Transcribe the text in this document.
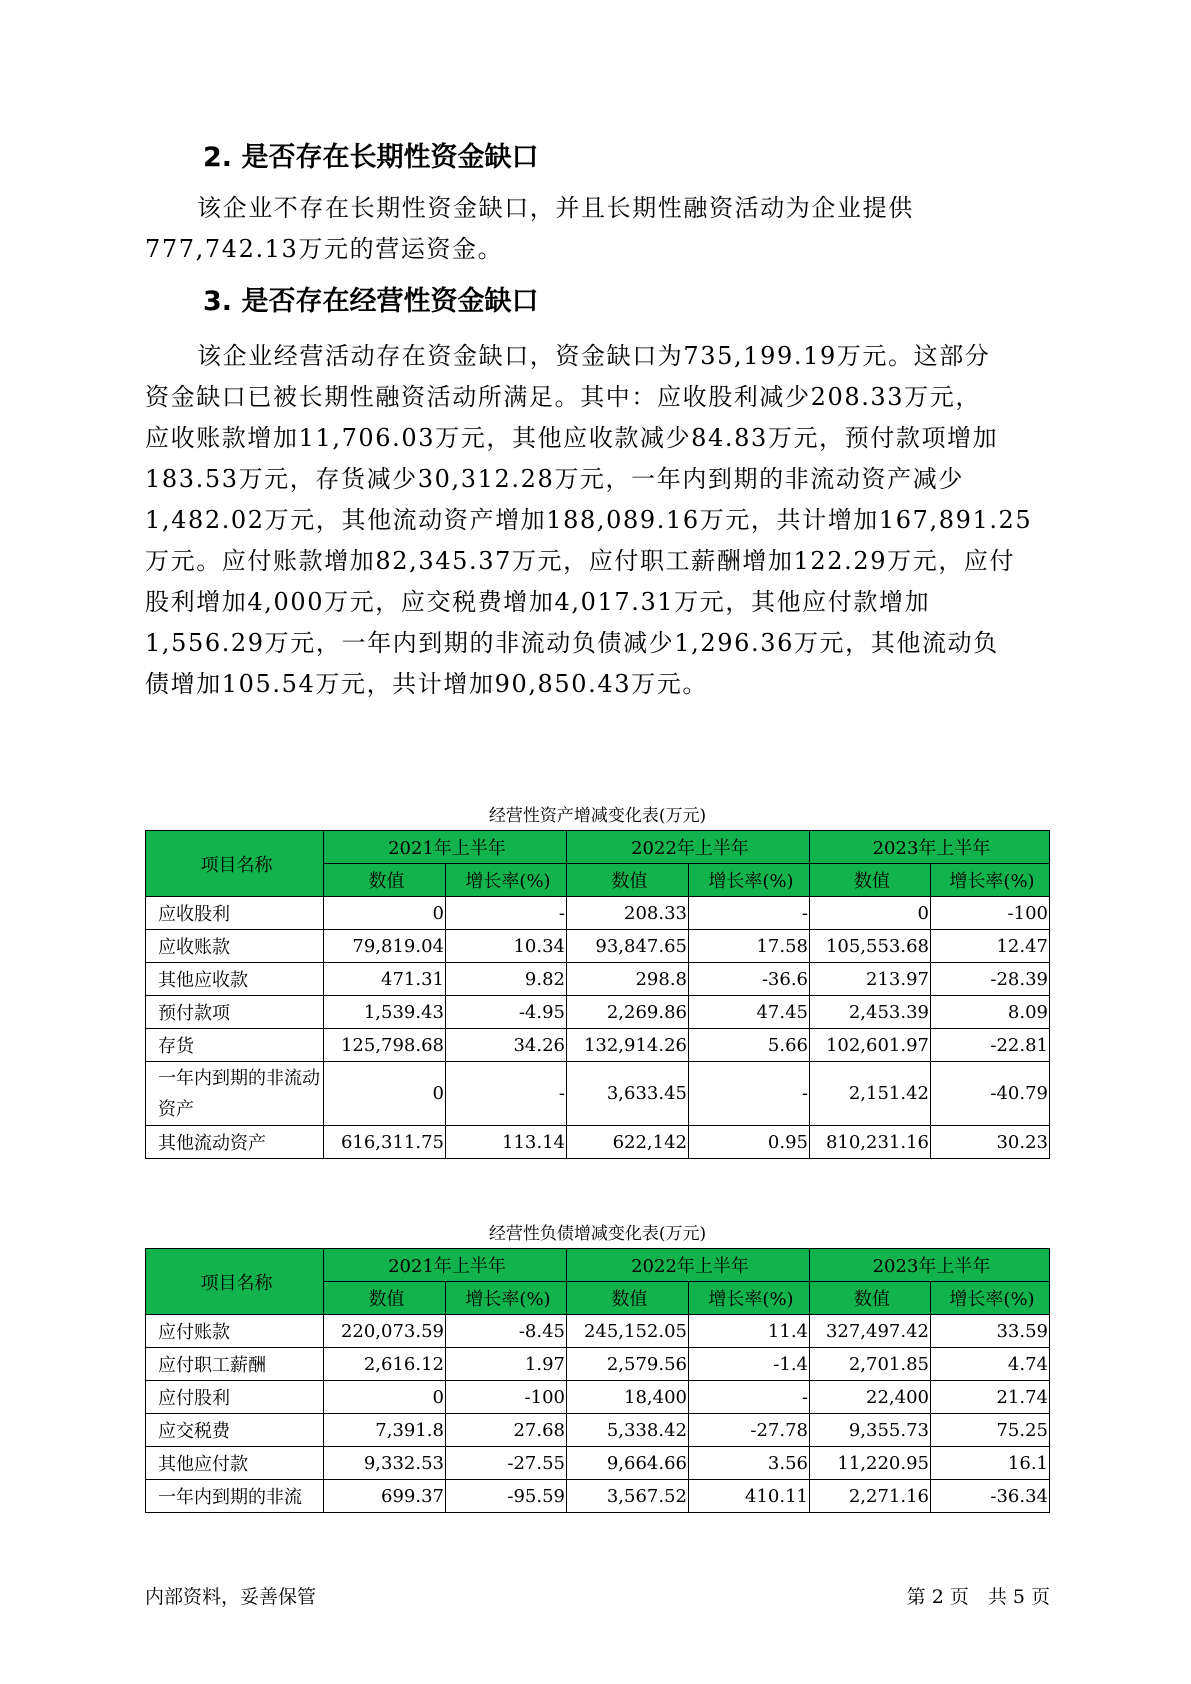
2. 是否存在长期性资金缺口
该企业不存在长期性资金缺口，并且长期性融资活动为企业提供
777,742.13万元的营运资金。
3. 是否存在经营性资金缺口
该企业经营活动存在资金缺口，资金缺口为735,199.19万元。这部分
资金缺口已被长期性融资活动所满足。其中：应收股利减少208.33万元，
应收账款增加11,706.03万元，其他应收款减少84.83万元，预付款项增加
183.53万元，存货减少30,312.28万元，一年内到期的非流动资产减少
1,482.02万元，其他流动资产增加188,089.16万元，共计增加167,891.25
万元。应付账款增加82,345.37万元，应付职工薪酬增加122.29万元，应付
股利增加4,000万元，应交税费增加4,017.31万元，其他应付款增加
1,556.29万元，一年内到期的非流动负债减少1,296.36万元，其他流动负
债增加105.54万元，共计增加90,850.43万元。
经营性资产增减变化表(万元)
项目名称	2021年上半年		2022年上半年		2023年上半年	
	数值	增长率(%)	数值	增长率(%)	数值	增长率(%)
应收股利	0	-	208.33	-	0	-100
应收账款	79,819.04	10.34	93,847.65	17.58	105,553.68	12.47
其他应收款	471.31	9.82	298.8	-36.6	213.97	-28.39
预付款项	1,539.43	-4.95	2,269.86	47.45	2,453.39	8.09
存货	125,798.68	34.26	132,914.26	5.66	102,601.97	-22.81
一年内到期的非流动资产	0	-	3,633.45	-	2,151.42	-40.79
其他流动资产	616,311.75	113.14	622,142	0.95	810,231.16	30.23
经营性负债增减变化表(万元)
项目名称	2021年上半年		2022年上半年		2023年上半年	
	数值	增长率(%)	数值	增长率(%)	数值	增长率(%)
应付账款	220,073.59	-8.45	245,152.05	11.4	327,497.42	33.59
应付职工薪酬	2,616.12	1.97	2,579.56	-1.4	2,701.85	4.74
应付股利	0	-100	18,400	-	22,400	21.74
应交税费	7,391.8	27.68	5,338.42	-27.78	9,355.73	75.25
其他应付款	9,332.53	-27.55	9,664.66	3.56	11,220.95	16.1
一年内到期的非流	699.37	-95.59	3,567.52	410.11	2,271.16	-36.34
内部资料，妥善保管	第 2 页　共 5 页
